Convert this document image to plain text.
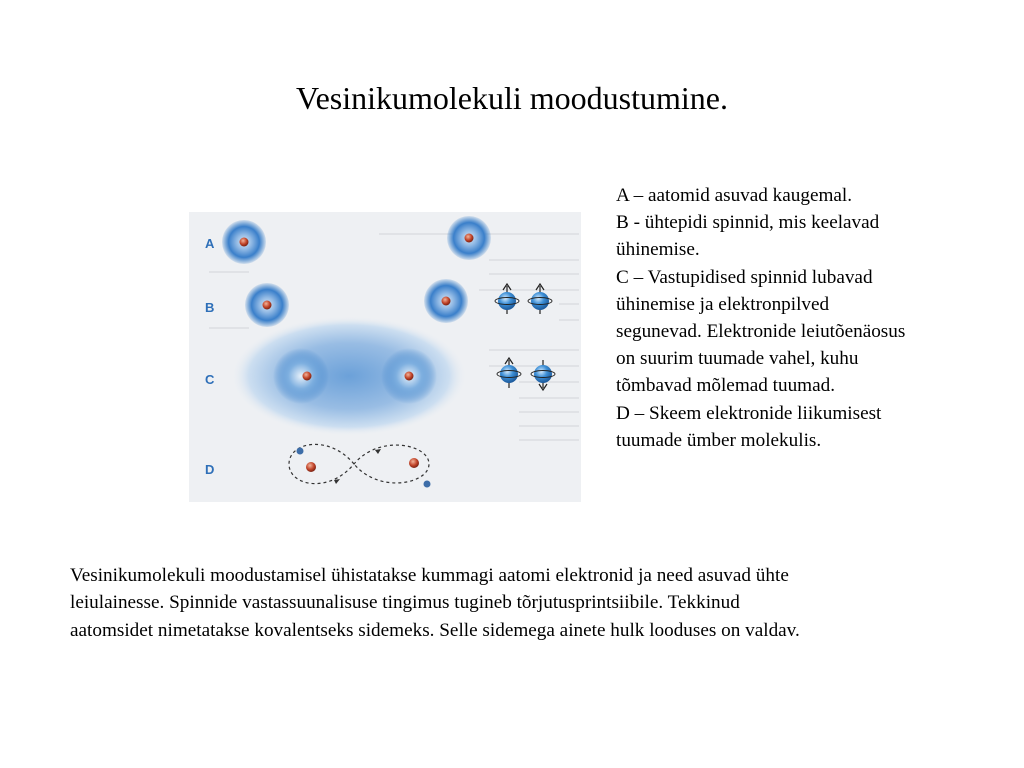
Vesinikumolekuli moodustumine.
A
B
C
D
A – aatomid asuvad kaugemal.
B - ühtepidi spinnid, mis keelavad
ühinemise.
C – Vastupidised spinnid lubavad
ühinemise ja elektronpilved
segunevad. Elektronide leiutõenäosus
on suurim tuumade vahel, kuhu
tõmbavad mõlemad tuumad.
D – Skeem elektronide liikumisest
tuumade ümber molekulis.
Vesinikumolekuli moodustamisel ühistatakse kummagi aatomi elektronid ja need asuvad ühte
leiulainesse. Spinnide vastassuunalisuse tingimus tugineb tõrjutusprintsiibile. Tekkinud
aatomsidet nimetatakse kovalentseks sidemeks. Selle sidemega ainete hulk looduses on valdav.
